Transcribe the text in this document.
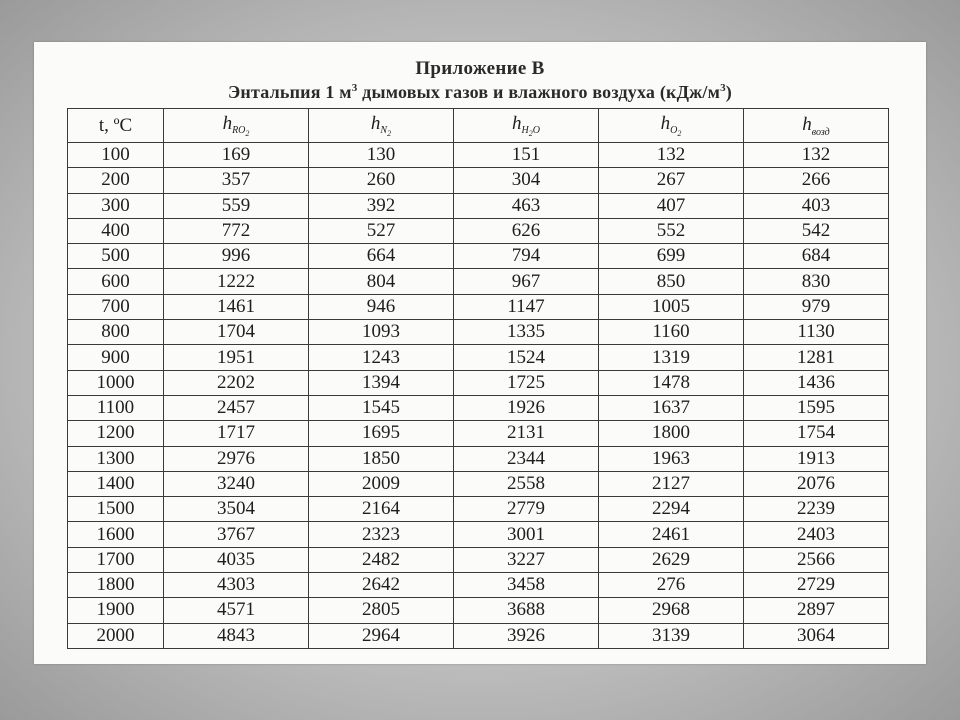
Приложение В
Энтальпия 1 $м^3$ дымовых газов и влажного воздуха $(кДж/м^3)$
t, ºC	$h_{RO_2}$	$h_{N_2}$	$h_{H_2O}$	$h_{O_2}$	$h_{возд}$
100	169	130	151	132	132
200	357	260	304	267	266
300	559	392	463	407	403
400	772	527	626	552	542
500	996	664	794	699	684
600	1222	804	967	850	830
700	1461	946	1147	1005	979
800	1704	1093	1335	1160	1130
900	1951	1243	1524	1319	1281
1000	2202	1394	1725	1478	1436
1100	2457	1545	1926	1637	1595
1200	1717	1695	2131	1800	1754
1300	2976	1850	2344	1963	1913
1400	3240	2009	2558	2127	2076
1500	3504	2164	2779	2294	2239
1600	3767	2323	3001	2461	2403
1700	4035	2482	3227	2629	2566
1800	4303	2642	3458	276	2729
1900	4571	2805	3688	2968	2897
2000	4843	2964	3926	3139	3064
